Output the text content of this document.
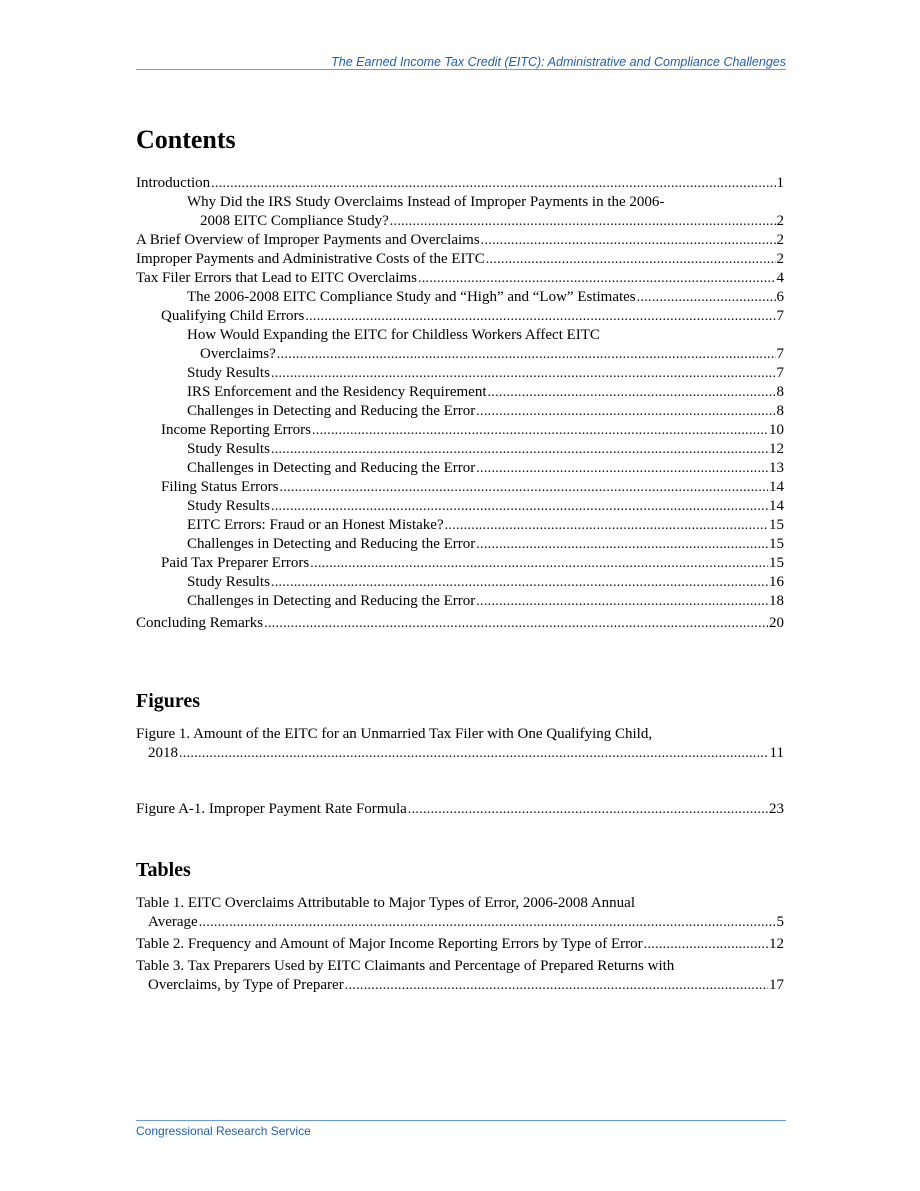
The Earned Income Tax Credit (EITC): Administrative and Compliance Challenges
Contents
Introduction . . .	1
Why Did the IRS Study Overclaims Instead of Improper Payments in the 2006-
2008 EITC Compliance Study? . . .	2
A Brief Overview of Improper Payments and Overclaims . . .	2
Improper Payments and Administrative Costs of the EITC . . .	2
Tax Filer Errors that Lead to EITC Overclaims . . .	4
The 2006-2008 EITC Compliance Study and “High” and “Low” Estimates . . .	6
Qualifying Child Errors . . .	7
How Would Expanding the EITC for Childless Workers Affect EITC
Overclaims? . . .	7
Study Results . . .	7
IRS Enforcement and the Residency Requirement . . .	8
Challenges in Detecting and Reducing the Error . . .	8
Income Reporting Errors . . .	10
Study Results . . .	12
Challenges in Detecting and Reducing the Error . . .	13
Filing Status Errors . . .	14
Study Results . . .	14
EITC Errors: Fraud or an Honest Mistake? . . .	15
Challenges in Detecting and Reducing the Error . . .	15
Paid Tax Preparer Errors . . .	15
Study Results . . .	16
Challenges in Detecting and Reducing the Error . . .	18
Concluding Remarks . . .	20
Figures
Figure 1. Amount of the EITC for an Unmarried Tax Filer with One Qualifying Child,
2018 . . .	11
Figure A-1. Improper Payment Rate Formula . . .	23
Tables
Table 1. EITC Overclaims Attributable to Major Types of Error, 2006-2008 Annual
Average . . .	5
Table 2. Frequency and Amount of Major Income Reporting Errors by Type of Error . . .	12
Table 3. Tax Preparers Used by EITC Claimants and Percentage of Prepared Returns with
Overclaims, by Type of Preparer . . .	17
Congressional Research Service
